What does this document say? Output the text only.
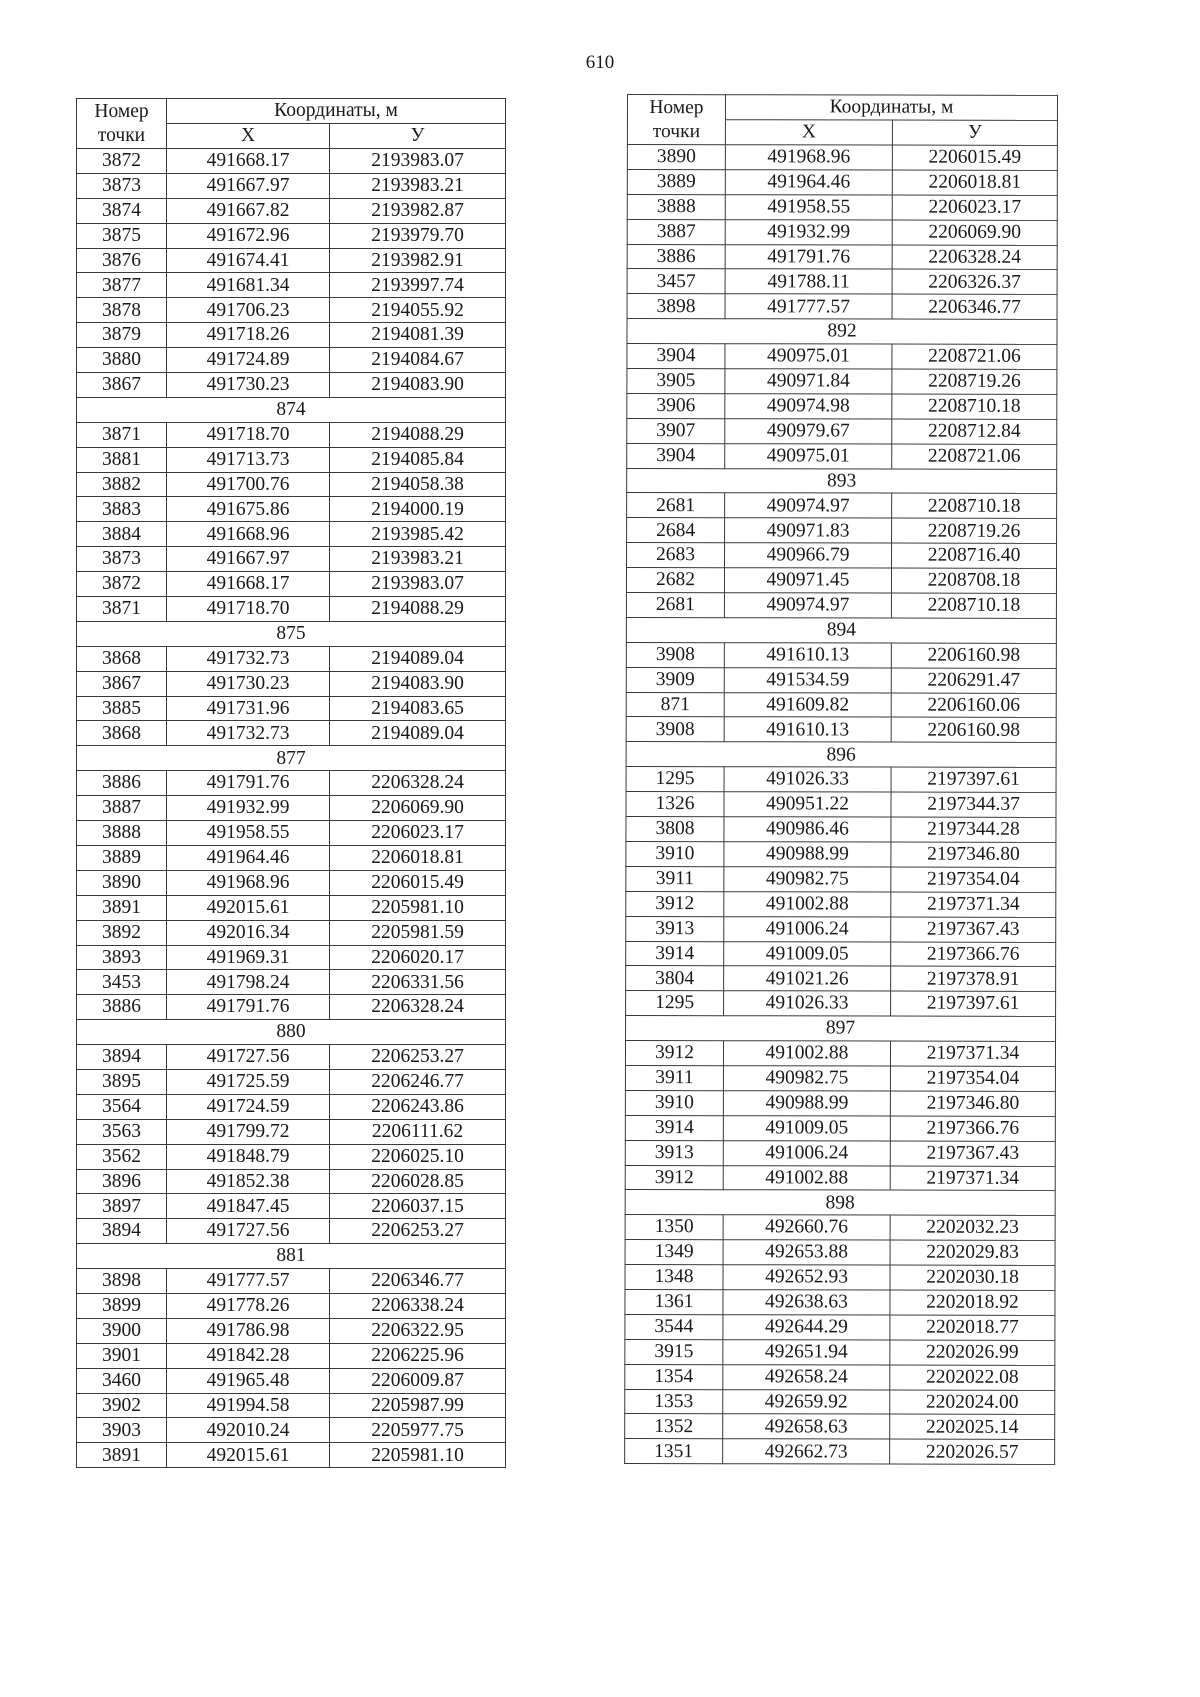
610
Номер	Координаты, м	
точки	X	У
3872	491668.17	2193983.07
3873	491667.97	2193983.21
3874	491667.82	2193982.87
3875	491672.96	2193979.70
3876	491674.41	2193982.91
3877	491681.34	2193997.74
3878	491706.23	2194055.92
3879	491718.26	2194081.39
3880	491724.89	2194084.67
3867	491730.23	2194083.90
874		
3871	491718.70	2194088.29
3881	491713.73	2194085.84
3882	491700.76	2194058.38
3883	491675.86	2194000.19
3884	491668.96	2193985.42
3873	491667.97	2193983.21
3872	491668.17	2193983.07
3871	491718.70	2194088.29
875		
3868	491732.73	2194089.04
3867	491730.23	2194083.90
3885	491731.96	2194083.65
3868	491732.73	2194089.04
877		
3886	491791.76	2206328.24
3887	491932.99	2206069.90
3888	491958.55	2206023.17
3889	491964.46	2206018.81
3890	491968.96	2206015.49
3891	492015.61	2205981.10
3892	492016.34	2205981.59
3893	491969.31	2206020.17
3453	491798.24	2206331.56
3886	491791.76	2206328.24
880		
3894	491727.56	2206253.27
3895	491725.59	2206246.77
3564	491724.59	2206243.86
3563	491799.72	2206111.62
3562	491848.79	2206025.10
3896	491852.38	2206028.85
3897	491847.45	2206037.15
3894	491727.56	2206253.27
881		
3898	491777.57	2206346.77
3899	491778.26	2206338.24
3900	491786.98	2206322.95
3901	491842.28	2206225.96
3460	491965.48	2206009.87
3902	491994.58	2205987.99
3903	492010.24	2205977.75
3891	492015.61	2205981.10
Номер	Координаты, м	
точки	X	У
3890	491968.96	2206015.49
3889	491964.46	2206018.81
3888	491958.55	2206023.17
3887	491932.99	2206069.90
3886	491791.76	2206328.24
3457	491788.11	2206326.37
3898	491777.57	2206346.77
892		
3904	490975.01	2208721.06
3905	490971.84	2208719.26
3906	490974.98	2208710.18
3907	490979.67	2208712.84
3904	490975.01	2208721.06
893		
2681	490974.97	2208710.18
2684	490971.83	2208719.26
2683	490966.79	2208716.40
2682	490971.45	2208708.18
2681	490974.97	2208710.18
894		
3908	491610.13	2206160.98
3909	491534.59	2206291.47
871	491609.82	2206160.06
3908	491610.13	2206160.98
896		
1295	491026.33	2197397.61
1326	490951.22	2197344.37
3808	490986.46	2197344.28
3910	490988.99	2197346.80
3911	490982.75	2197354.04
3912	491002.88	2197371.34
3913	491006.24	2197367.43
3914	491009.05	2197366.76
3804	491021.26	2197378.91
1295	491026.33	2197397.61
897		
3912	491002.88	2197371.34
3911	490982.75	2197354.04
3910	490988.99	2197346.80
3914	491009.05	2197366.76
3913	491006.24	2197367.43
3912	491002.88	2197371.34
898		
1350	492660.76	2202032.23
1349	492653.88	2202029.83
1348	492652.93	2202030.18
1361	492638.63	2202018.92
3544	492644.29	2202018.77
3915	492651.94	2202026.99
1354	492658.24	2202022.08
1353	492659.92	2202024.00
1352	492658.63	2202025.14
1351	492662.73	2202026.57
